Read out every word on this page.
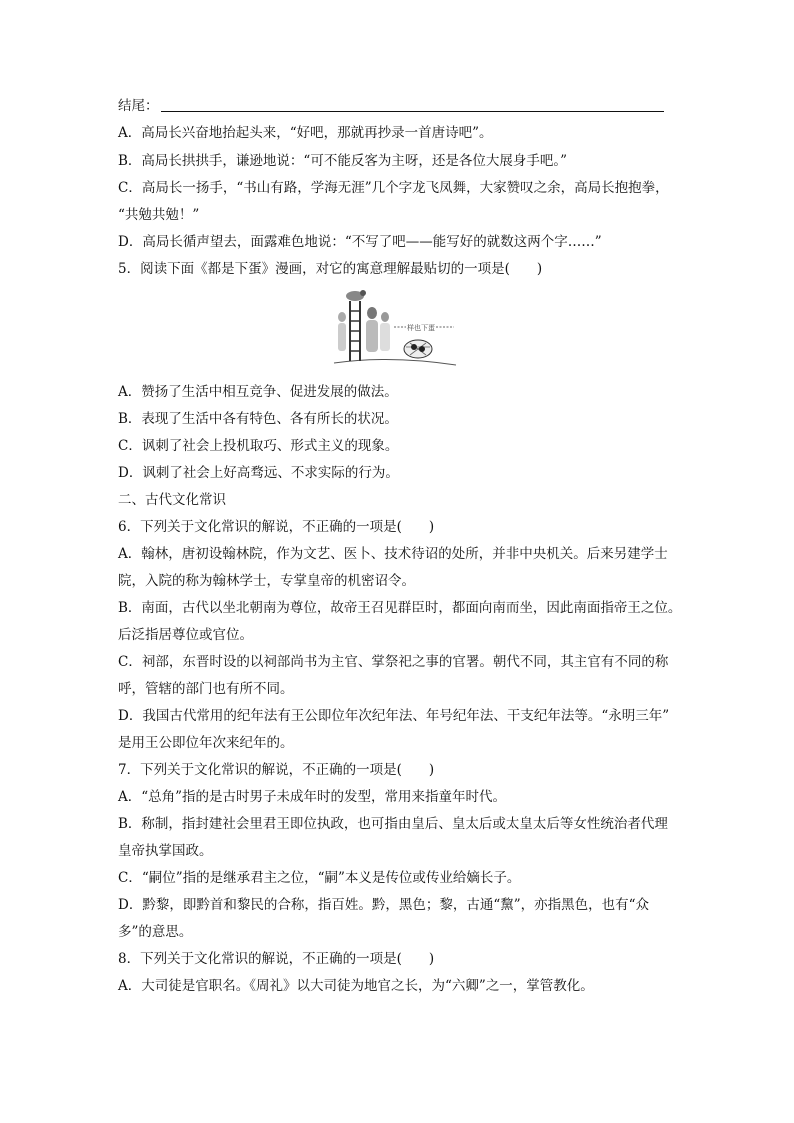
结尾：
A．高局长兴奋地抬起头来，“好吧，那就再抄录一首唐诗吧”。
B．高局长拱拱手，谦逊地说：“可不能反客为主呀，还是各位大展身手吧。”
C．高局长一扬手，“书山有路，学海无涯”几个字龙飞凤舞，大家赞叹之余，高局长抱抱拳，
“共勉共勉！”
D．高局长循声望去，面露难色地说：“不写了吧——能写好的就数这两个字……”
5．阅读下面《都是下蛋》漫画，对它的寓意理解最贴切的一项是(　　)
样也下蛋
A．赞扬了生活中相互竞争、促进发展的做法。
B．表现了生活中各有特色、各有所长的状况。
C．讽刺了社会上投机取巧、形式主义的现象。
D．讽刺了社会上好高骛远、不求实际的行为。
二、古代文化常识
6．下列关于文化常识的解说，不正确的一项是(　　)
A．翰林，唐初设翰林院，作为文艺、医卜、技术待诏的处所，并非中央机关。后来另建学士
院，入院的称为翰林学士，专掌皇帝的机密诏令。
B．南面，古代以坐北朝南为尊位，故帝王召见群臣时，都面向南而坐，因此南面指帝王之位。
后泛指居尊位或官位。
C．祠部，东晋时设的以祠部尚书为主官、掌祭祀之事的官署。朝代不同，其主官有不同的称
呼，管辖的部门也有所不同。
D．我国古代常用的纪年法有王公即位年次纪年法、年号纪年法、干支纪年法等。“永明三年”
是用王公即位年次来纪年的。
7．下列关于文化常识的解说，不正确的一项是(　　)
A．“总角”指的是古时男子未成年时的发型，常用来指童年时代。
B．称制，指封建社会里君王即位执政，也可指由皇后、皇太后或太皇太后等女性统治者代理
皇帝执掌国政。
C．“嗣位”指的是继承君主之位，“嗣”本义是传位或传业给嫡长子。
D．黔黎，即黔首和黎民的合称，指百姓。黔，黑色；黎，古通“黧”，亦指黑色，也有“众
多”的意思。
8．下列关于文化常识的解说，不正确的一项是(　　)
A．大司徒是官职名。《周礼》以大司徒为地官之长，为“六卿”之一，掌管教化。
